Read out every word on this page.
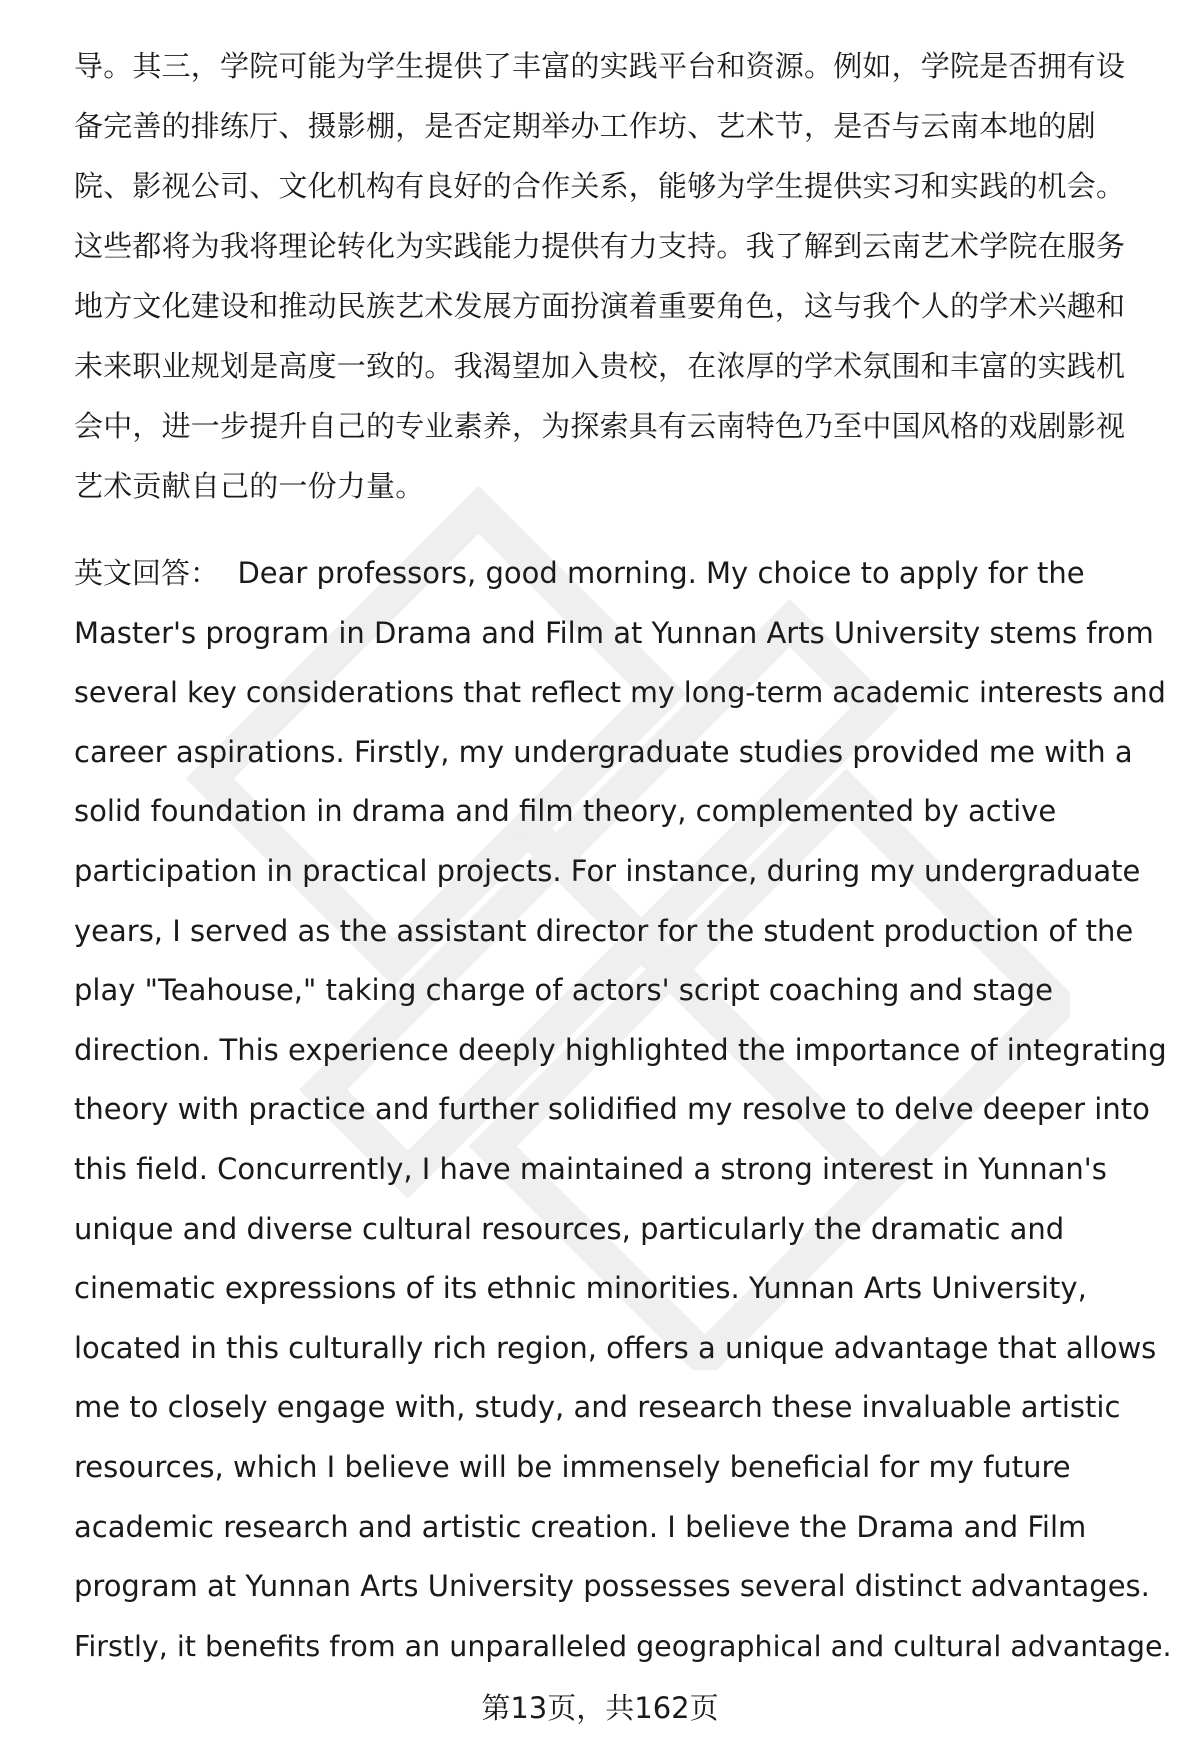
导。其三，学院可能为学生提供了丰富的实践平台和资源。例如，学院是否拥有设
备完善的排练厅、摄影棚，是否定期举办工作坊、艺术节，是否与云南本地的剧
院、影视公司、文化机构有良好的合作关系，能够为学生提供实习和实践的机会。
这些都将为我将理论转化为实践能力提供有力支持。我了解到云南艺术学院在服务
地方文化建设和推动民族艺术发展方面扮演着重要角色，这与我个人的学术兴趣和
未来职业规划是高度一致的。我渴望加入贵校，在浓厚的学术氛围和丰富的实践机
会中，进一步提升自己的专业素养，为探索具有云南特色乃至中国风格的戏剧影视
艺术贡献自己的一份力量。
英文回答： Dear professors, good morning. My choice to apply for the
Master's program in Drama and Film at Yunnan Arts University stems from
several key considerations that reflect my long-term academic interests and
career aspirations. Firstly, my undergraduate studies provided me with a
solid foundation in drama and film theory, complemented by active
participation in practical projects. For instance, during my undergraduate
years, I served as the assistant director for the student production of the
play "Teahouse," taking charge of actors' script coaching and stage
direction. This experience deeply highlighted the importance of integrating
theory with practice and further solidified my resolve to delve deeper into
this field. Concurrently, I have maintained a strong interest in Yunnan's
unique and diverse cultural resources, particularly the dramatic and
cinematic expressions of its ethnic minorities. Yunnan Arts University,
located in this culturally rich region, offers a unique advantage that allows
me to closely engage with, study, and research these invaluable artistic
resources, which I believe will be immensely beneficial for my future
academic research and artistic creation. I believe the Drama and Film
program at Yunnan Arts University possesses several distinct advantages.
Firstly, it benefits from an unparalleled geographical and cultural advantage.
第13页，共162页
